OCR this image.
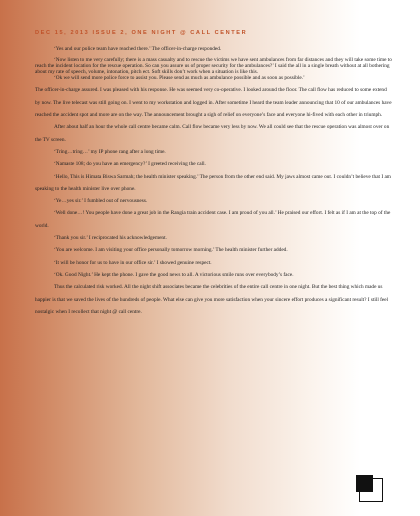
DEC 15, 2013 ISSUE 2, ONE NIGHT @ CALL CENTER

‘Yes and our police team have reached there.’ The officer-in-charge responded.

‘Now listen to me very carefully; there is a mass casualty and to rescue the victims we have sent ambulances from far distances and they will take some time to reach the incident location for the rescue operation. So can you assure us of proper security for the ambulances?’ I said the all in a single breath without at all bothering about my rate of speech, volume, intonation, pitch ect. Soft skills don’t work when a situation is like this.

‘Ok we will send more police force to assist you. Please send as much as ambulance possible and as soon as possible.’

The officer-in-charge assured. I was pleased with his response. He was seemed very co-operative. I looked around the floor. The call flow has reduced to some extend by now. The live telecast was still going on. I went to my workstation and logged in. After sometime I heard the team leader announcing that 10 of our ambulances have reached the accident spot and more are on the way. The announcement brought a sigh of relief on everyone’s face and everyone hi-fived with each other in triumph.

After about half an hour the whole call centre became calm. Call flow became very less by now. We all could see that the rescue operation was almost over on the TV screen.

‘Tring…tring…’ my IP phone rang after a long time.

‘Namaste 108; do you have an emergency?’ I greeted receiving the call.

‘Hello, This is Himata Biswa Sarmah; the health minister speaking.’ The person from the other end said. My jaws almost came out. I couldn’t believe that I am speaking to the health minister live over phone.

‘Ye…yes sir.’ I fumbled out of nervousness.

‘Well done…! You people have done a great job in the Rangia train accident case. I am proud of you all.’ He praised our effort. I felt as if I am at the top of the world.

‘Thank you sir.’ I reciprocated his acknowledgement.

‘You are welcome. I am visiting your office personally tomorrow morning.’ The health minister further added.

‘It will be honor for us to have in our office sir.’ I showed genuine respect.

‘Ok. Good Night.’ He kept the phone. I gave the good news to all. A victorious smile runs over everybody’s face.

Thus the calculated risk worked. All the night shift associates became the celebrities of the entire call centre in one night. But the best thing which made us happier is that we saved the lives of the hundreds of people. What else can give you more satisfaction when your sincere effort produces a significant result? I still feel nostalgic when I recollect that night @ call centre.
